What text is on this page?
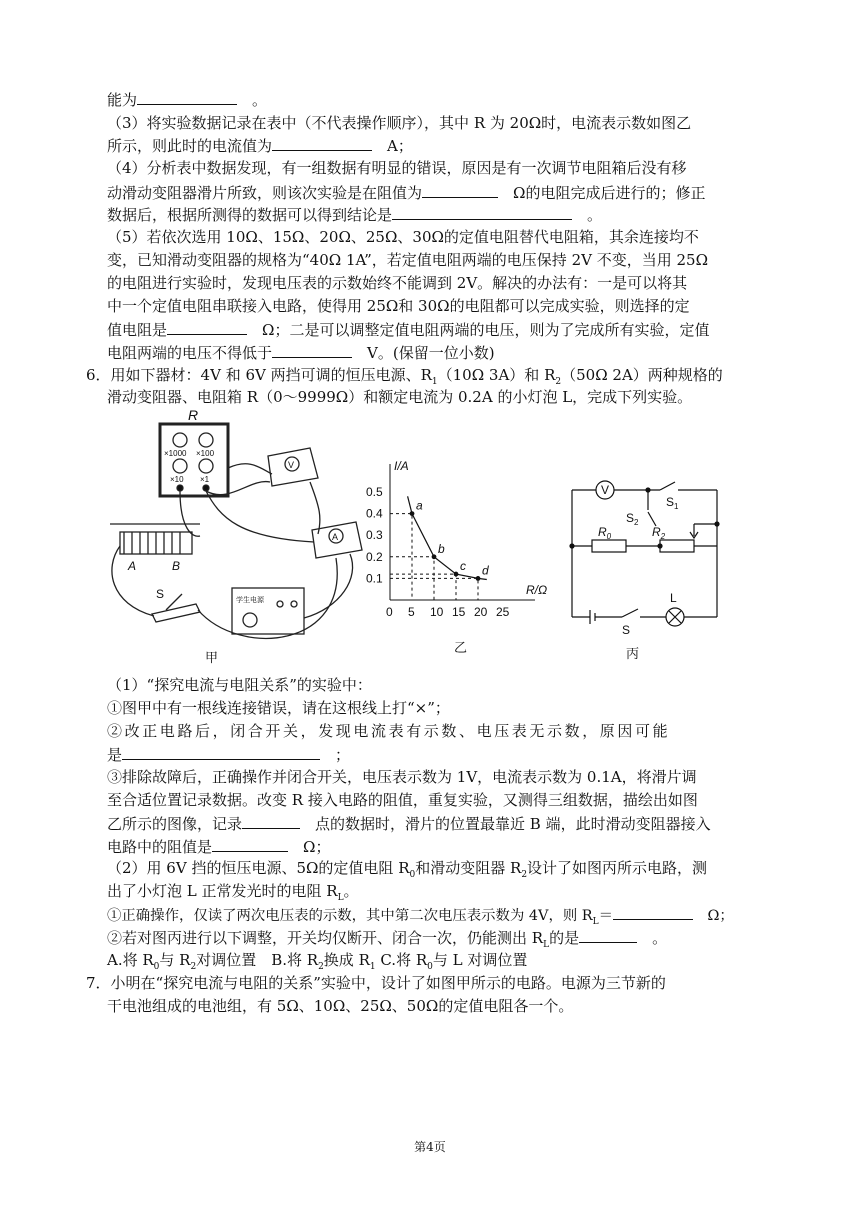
能为　	。
（3）将实验数据记录在表中（不代表操作顺序），其中 R 为 20Ω时，电流表示数如图乙
所示，则此时的电流值为　	A；
（4）分析表中数据发现，有一组数据有明显的错误，原因是有一次调节电阻箱后没有移
动滑动变阻器滑片所致，则该次实验是在阻值为　	Ω的电阻完成后进行的；修正
数据后，根据所测得的数据可以得到结论是　	。
（5）若依次选用 10Ω、15Ω、20Ω、25Ω、30Ω的定值电阻替代电阻箱，其余连接均不
变，已知滑动变阻器的规格为“40Ω 1A”，若定值电阻两端的电压保持 2V 不变，当用 25Ω
的电阻进行实验时，发现电压表的示数始终不能调到 2V。解决的办法有：一是可以将其
中一个定值电阻串联接入电路，使得用 25Ω和 30Ω的电阻都可以完成实验，则选择的定
值电阻是　	Ω；二是可以调整定值电阻两端的电压，则为了完成所有实验，定值
电阻两端的电压不得低于　	V。(保留一位小数)
6．用如下器材：4V 和 6V 两挡可调的恒压电源、$R_1(10\Omega$ 3A）和 $R_2(50\Omega$ 2A）两种规格的
滑动变阻器、电阻箱 R（0～9999Ω）和额定电流为 0.2A 的小灯泡 L，完成下列实验。
R
×1000 ×100
×10 ×1
V
A
A	B
S	学生电源
甲
I/A
R/Ω
0 5 10 15 20 25
0.1
0.2
0.3
0.4
0.5
a
b
c d
乙
V
$S_1$
$S_2$
$R_0$	$R_2$
S
L
丙
（1）“探究电流与电阻关系”的实验中：
①图甲中有一根线连接错误，请在这根线上打“×”；
②改正电路后，闭合开关，发现电流表有示数、电压表无示数，原因可能
是　	；
③排除故障后，正确操作并闭合开关，电压表示数为 1V，电流表示数为 0.1A，将滑片调
至合适位置记录数据。改变 R 接入电路的阻值，重复实验，又测得三组数据，描绘出如图
乙所示的图像，记录　	点的数据时，滑片的位置最靠近 B 端，此时滑动变阻器接入
电路中的阻值是　	Ω；
（2）用 6V 挡的恒压电源、5Ω的定值电阻 $R_0$和滑动变阻器 $R_2$设计了如图丙所示电路，测
出了小灯泡 L 正常发光时的电阻 $R_L$。
①正确操作，仅读了两次电压表的示数，其中第二次电压表示数为 4V，则 $R_L=$　	Ω；
②若对图丙进行以下调整，开关均仅断开、闭合一次，仍能测出 $R_L$的是　	。
A.将 $R_0$与 $R_2$对调位置　B.将 $R_2$换成 $R_1$ C.将 $R_0$与 L 对调位置
7．小明在“探究电流与电阻的关系”实验中，设计了如图甲所示的电路。电源为三节新的
干电池组成的电池组，有 5Ω、10Ω、25Ω、50Ω的定值电阻各一个。
第4页
